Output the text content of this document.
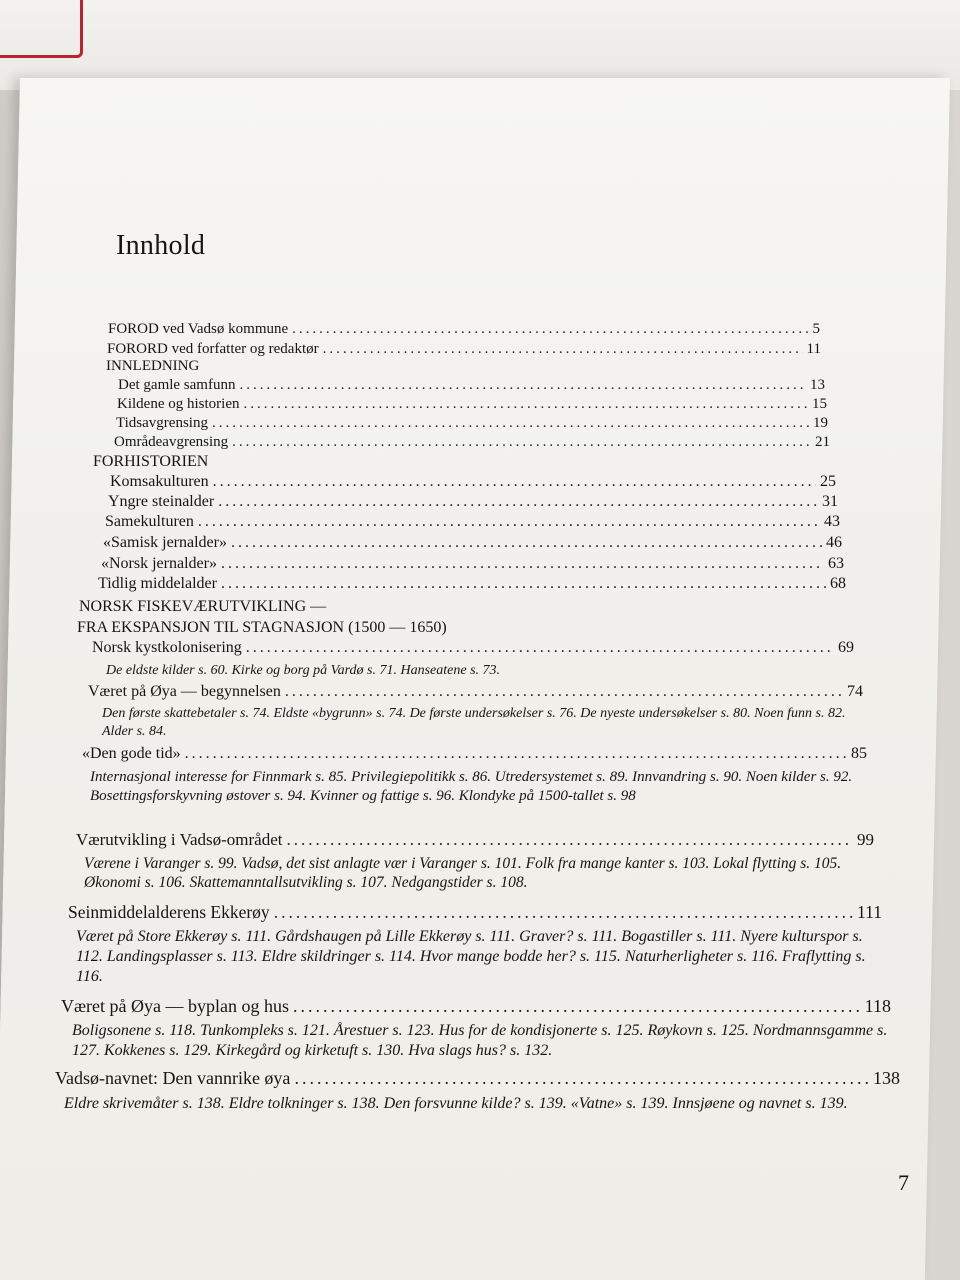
Innhold
FOROD ved Vadsø kommune .....	5
FORORD ved forfatter og redaktør .....	11
INNLEDNING
Det gamle samfunn .....	13
Kildene og historien .....	15
Tidsavgrensing .....	19
Områdeavgrensing .....	21
FORHISTORIEN
Komsakulturen .....	25
Yngre steinalder .....	31
Samekulturen .....	43
«Samisk jernalder» .....	46
«Norsk jernalder» .....	63
Tidlig middelalder .....	68
NORSK FISKEVÆRUTVIKLING —
FRA EKSPANSJON TIL STAGNASJON (1500 — 1650)
Norsk kystkolonisering .....	69
De eldste kilder s. 60. Kirke og borg på Vardø s. 71. Hanseatene s. 73.
Været på Øya — begynnelsen .....	74
Den første skattebetaler s. 74. Eldste «bygrunn» s. 74. De første undersøkelser s. 76. De nyeste undersøkelser s. 80. Noen funn s. 82. Alder s. 84.
«Den gode tid» .....	85
Internasjonal interesse for Finnmark s. 85. Privilegiepolitikk s. 86. Utredersystemet s. 89. Innvandring s. 90. Noen kilder s. 92. Bosettingsforskyvning østover s. 94. Kvinner og fattige s. 96. Klondyke på 1500-tallet s. 98
Værutvikling i Vadsø-området .....	99
Værene i Varanger s. 99. Vadsø, det sist anlagte vær i Varanger s. 101. Folk fra mange kanter s. 103. Lokal flytting s. 105. Økonomi s. 106. Skattemanntallsutvikling s. 107. Nedgangstider s. 108.
Seinmiddelalderens Ekkerøy .....	111
Været på Store Ekkerøy s. 111. Gårdshaugen på Lille Ekkerøy s. 111. Graver? s. 111. Bogastiller s. 111. Nyere kulturspor s. 112. Landingsplasser s. 113. Eldre skildringer s. 114. Hvor mange bodde her? s. 115. Naturherligheter s. 116. Fraflytting s. 116.
Været på Øya — byplan og hus .....	118
Boligsonene s. 118. Tunkompleks s. 121. Årestuer s. 123. Hus for de kondisjonerte s. 125. Røykovn s. 125. Nordmannsgamme s. 127. Kokkenes s. 129. Kirkegård og kirketuft s. 130. Hva slags hus? s. 132.
Vadsø-navnet: Den vannrike øya .....	138
Eldre skrivemåter s. 138. Eldre tolkninger s. 138. Den forsvunne kilde? s. 139. «Vatne» s. 139. Innsjøene og navnet s. 139.
7
